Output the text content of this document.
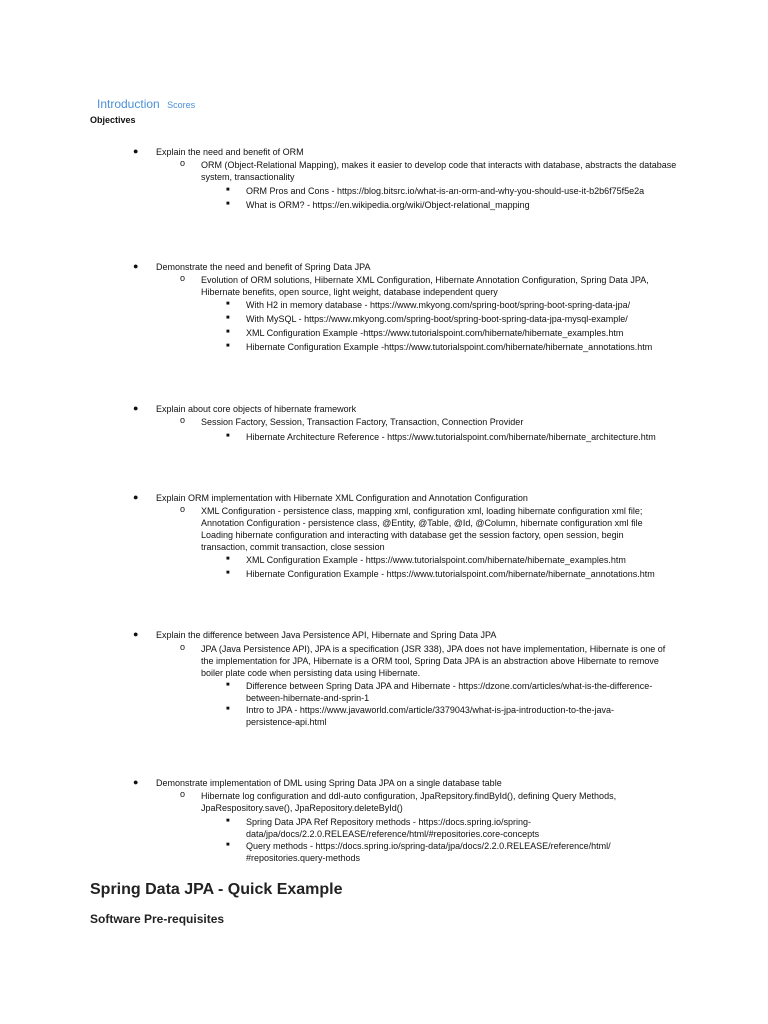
Introduction Scores
Objectives
● Explain the need and benefit of ORM
o ORM (Object-Relational Mapping), makes it easier to develop code that interacts with database, abstracts the database system, transactionality
■ ORM Pros and Cons - https://blog.bitsrc.io/what-is-an-orm-and-why-you-should-use-it-b2b6f75f5e2a
■ What is ORM? - https://en.wikipedia.org/wiki/Object-relational_mapping
● Demonstrate the need and benefit of Spring Data JPA
o Evolution of ORM solutions, Hibernate XML Configuration, Hibernate Annotation Configuration, Spring Data JPA, Hibernate benefits, open source, light weight, database independent query
■ With H2 in memory database - https://www.mkyong.com/spring-boot/spring-boot-spring-data-jpa/
■ With MySQL - https://www.mkyong.com/spring-boot/spring-boot-spring-data-jpa-mysql-example/
■ XML Configuration Example -https://www.tutorialspoint.com/hibernate/hibernate_examples.htm
■ Hibernate Configuration Example -https://www.tutorialspoint.com/hibernate/hibernate_annotations.htm
● Explain about core objects of hibernate framework
o Session Factory, Session, Transaction Factory, Transaction, Connection Provider
■ Hibernate Architecture Reference - https://www.tutorialspoint.com/hibernate/hibernate_architecture.htm
● Explain ORM implementation with Hibernate XML Configuration and Annotation Configuration
o XML Configuration - persistence class, mapping xml, configuration xml, loading hibernate configuration xml file; Annotation Configuration - persistence class, @Entity, @Table, @Id, @Column, hibernate configuration xml file Loading hibernate configuration and interacting with database get the session factory, open session, begin transaction, commit transaction, close session
■ XML Configuration Example - https://www.tutorialspoint.com/hibernate/hibernate_examples.htm
■ Hibernate Configuration Example - https://www.tutorialspoint.com/hibernate/hibernate_annotations.htm
● Explain the difference between Java Persistence API, Hibernate and Spring Data JPA
o JPA (Java Persistence API), JPA is a specification (JSR 338), JPA does not have implementation, Hibernate is one of the implementation for JPA, Hibernate is a ORM tool, Spring Data JPA is an abstraction above Hibernate to remove boiler plate code when persisting data using Hibernate.
■ Difference between Spring Data JPA and Hibernate - https://dzone.com/articles/what-is-the-difference-between-hibernate-and-sprin-1
■ Intro to JPA - https://www.javaworld.com/article/3379043/what-is-jpa-introduction-to-the-java-persistence-api.html
● Demonstrate implementation of DML using Spring Data JPA on a single database table
o Hibernate log configuration and ddl-auto configuration, JpaRepsitory.findById(), defining Query Methods, JpaRespository.save(), JpaRepository.deleteById()
■ Spring Data JPA Ref Repository methods - https://docs.spring.io/spring-data/jpa/docs/2.2.0.RELEASE/reference/html/#repositories.core-concepts
■ Query methods - https://docs.spring.io/spring-data/jpa/docs/2.2.0.RELEASE/reference/html/ #repositories.query-methods
Spring Data JPA - Quick Example
Software Pre-requisites
